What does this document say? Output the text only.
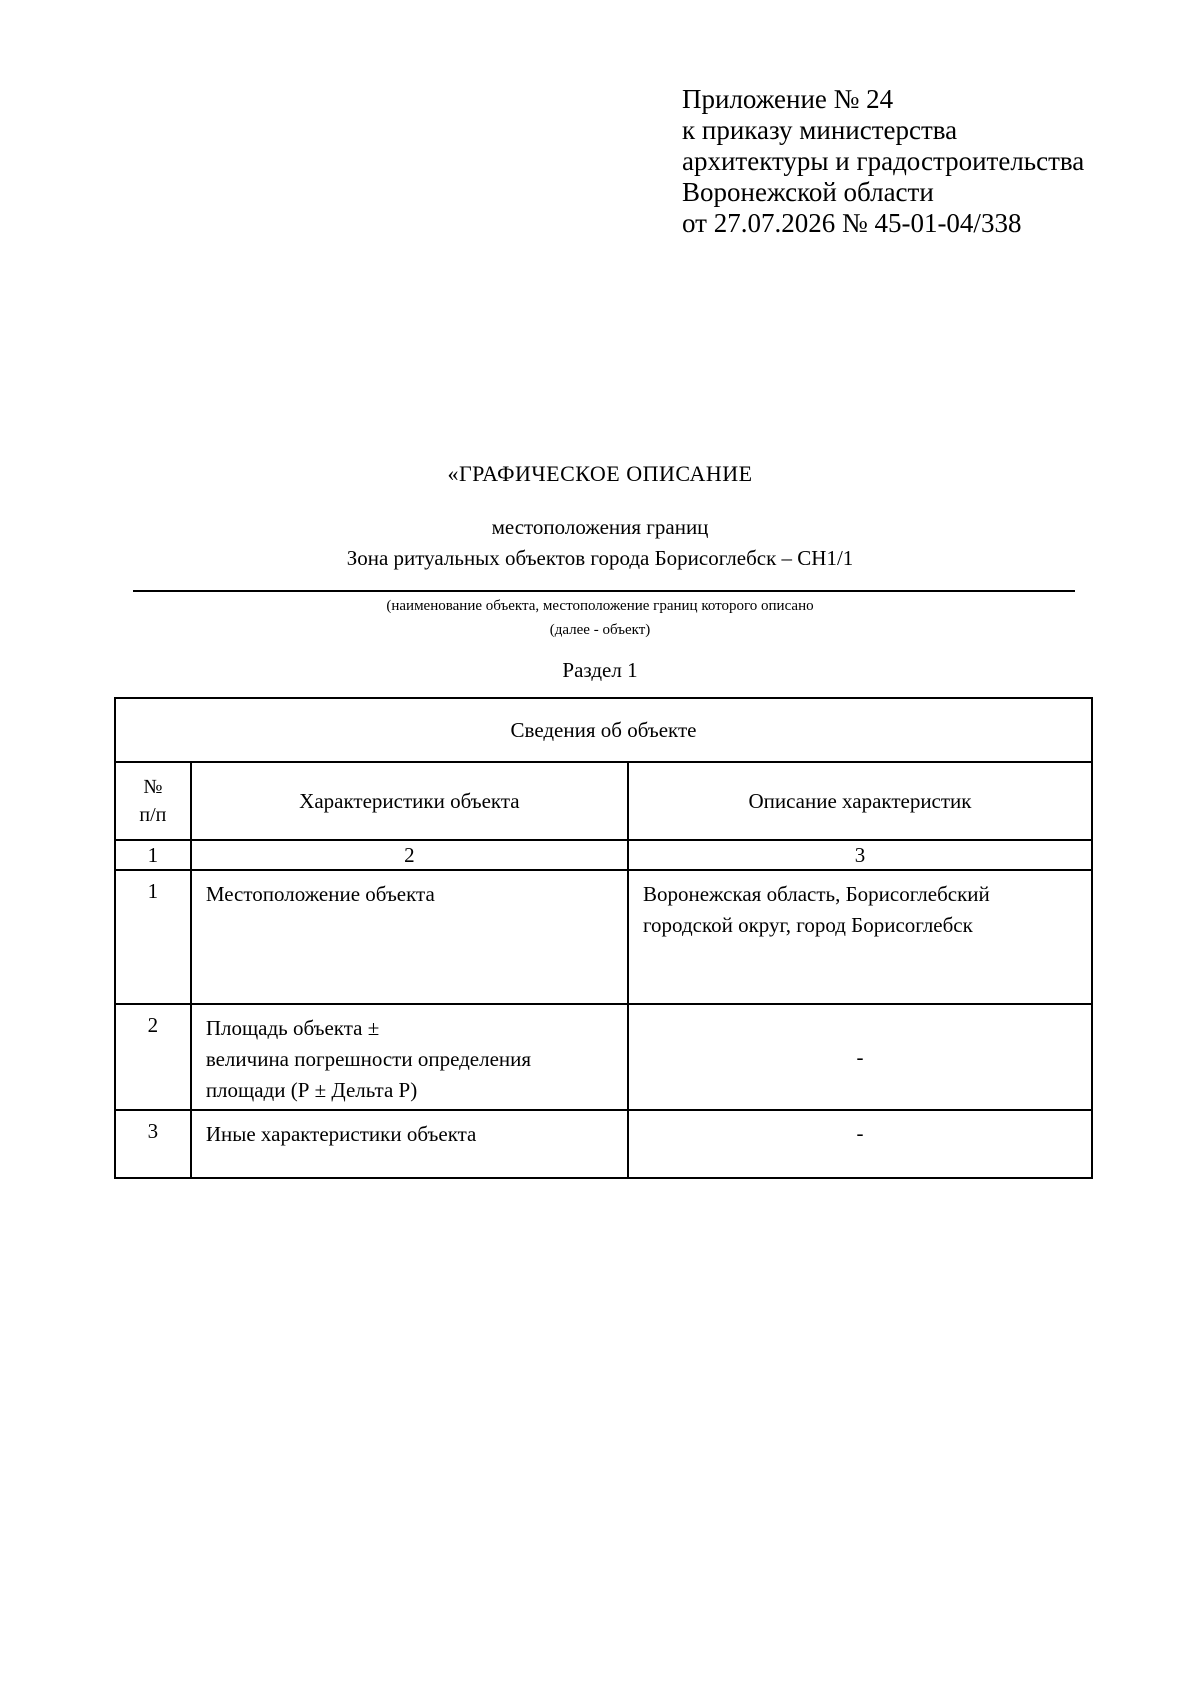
Приложение № 24
к приказу министерства
архитектуры и градостроительства
Воронежской области
от 27.07.2026 № 45-01-04/338
«ГРАФИЧЕСКОЕ ОПИСАНИЕ
местоположения границ
Зона ритуальных объектов города Борисоглебск – СН1/1
(наименование объекта, местоположение границ которого описано
(далее - объект)
Раздел 1
Сведения об объекте		

№
п/п	Характеристики объекта	Описание характеристик
1	2	3
1	Местоположение объекта	Воронежская область, Борисоглебский
городской округ, город Борисоглебск

2	Площадь объекта ±
величина погрешности определения
площади (Р ± Дельта Р)	-
3	Иные характеристики объекта	-
